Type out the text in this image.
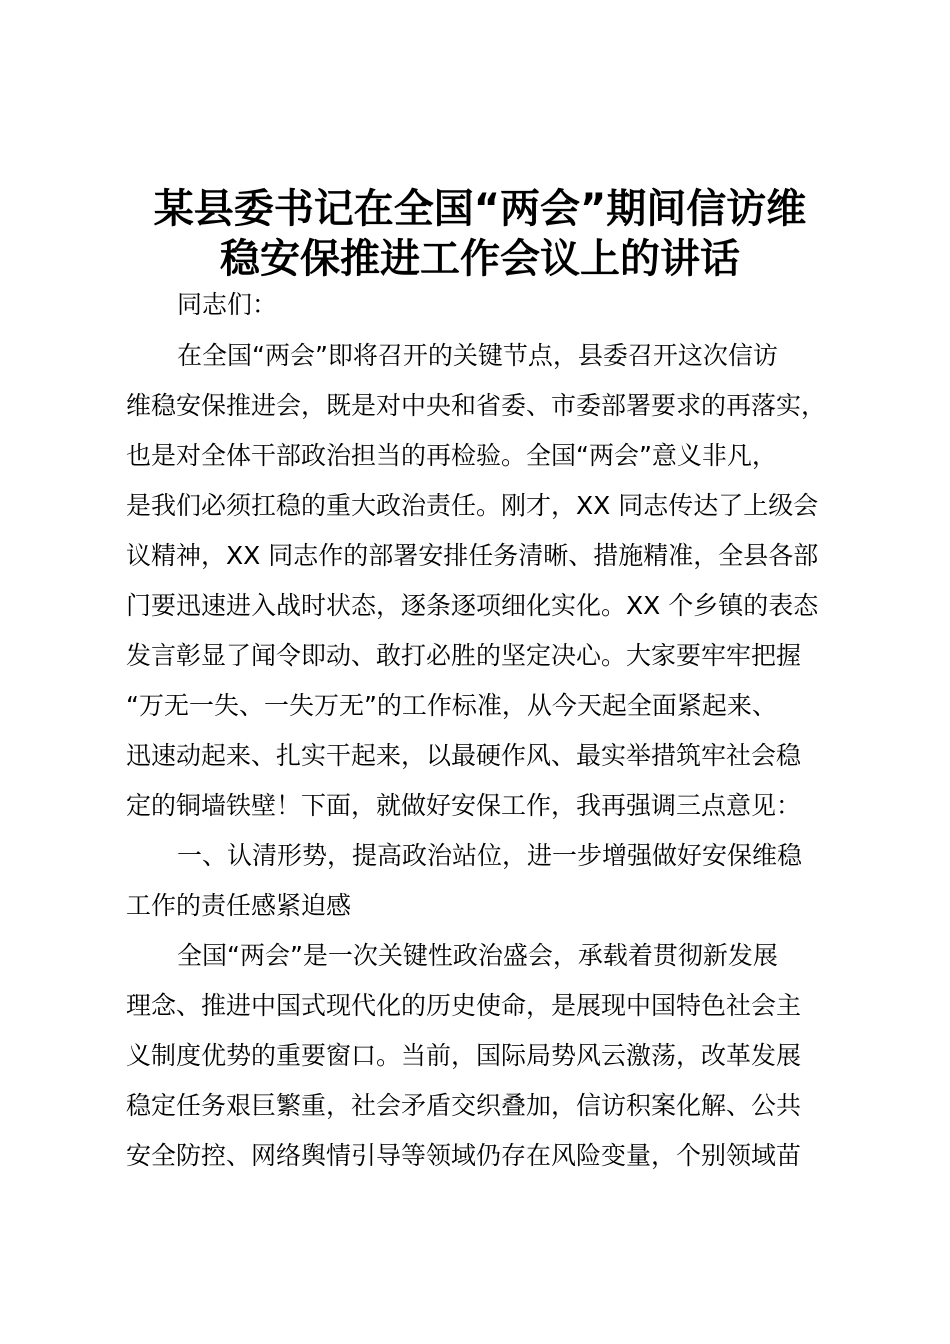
某县委书记在全国“两会”期间信访维
稳安保推进工作会议上的讲话

同志们：

在全国“两会”即将召开的关键节点，县委召开这次信访

维稳安保推进会，既是对中央和省委、市委部署要求的再落实，

也是对全体干部政治担当的再检验。全国“两会”意义非凡，

是我们必须扛稳的重大政治责任。刚才，XX 同志传达了上级会

议精神，XX 同志作的部署安排任务清晰、措施精准，全县各部

门要迅速进入战时状态，逐条逐项细化实化。XX 个乡镇的表态

发言彰显了闻令即动、敢打必胜的坚定决心。大家要牢牢把握

“万无一失、一失万无”的工作标准，从今天起全面紧起来、

迅速动起来、扎实干起来，以最硬作风、最实举措筑牢社会稳

定的铜墙铁壁！下面，就做好安保工作，我再强调三点意见：

一、认清形势，提高政治站位，进一步增强做好安保维稳

工作的责任感紧迫感

全国“两会”是一次关键性政治盛会，承载着贯彻新发展

理念、推进中国式现代化的历史使命，是展现中国特色社会主

义制度优势的重要窗口。当前，国际局势风云激荡，改革发展

稳定任务艰巨繁重，社会矛盾交织叠加，信访积案化解、公共

安全防控、网络舆情引导等领域仍存在风险变量，个别领域苗
